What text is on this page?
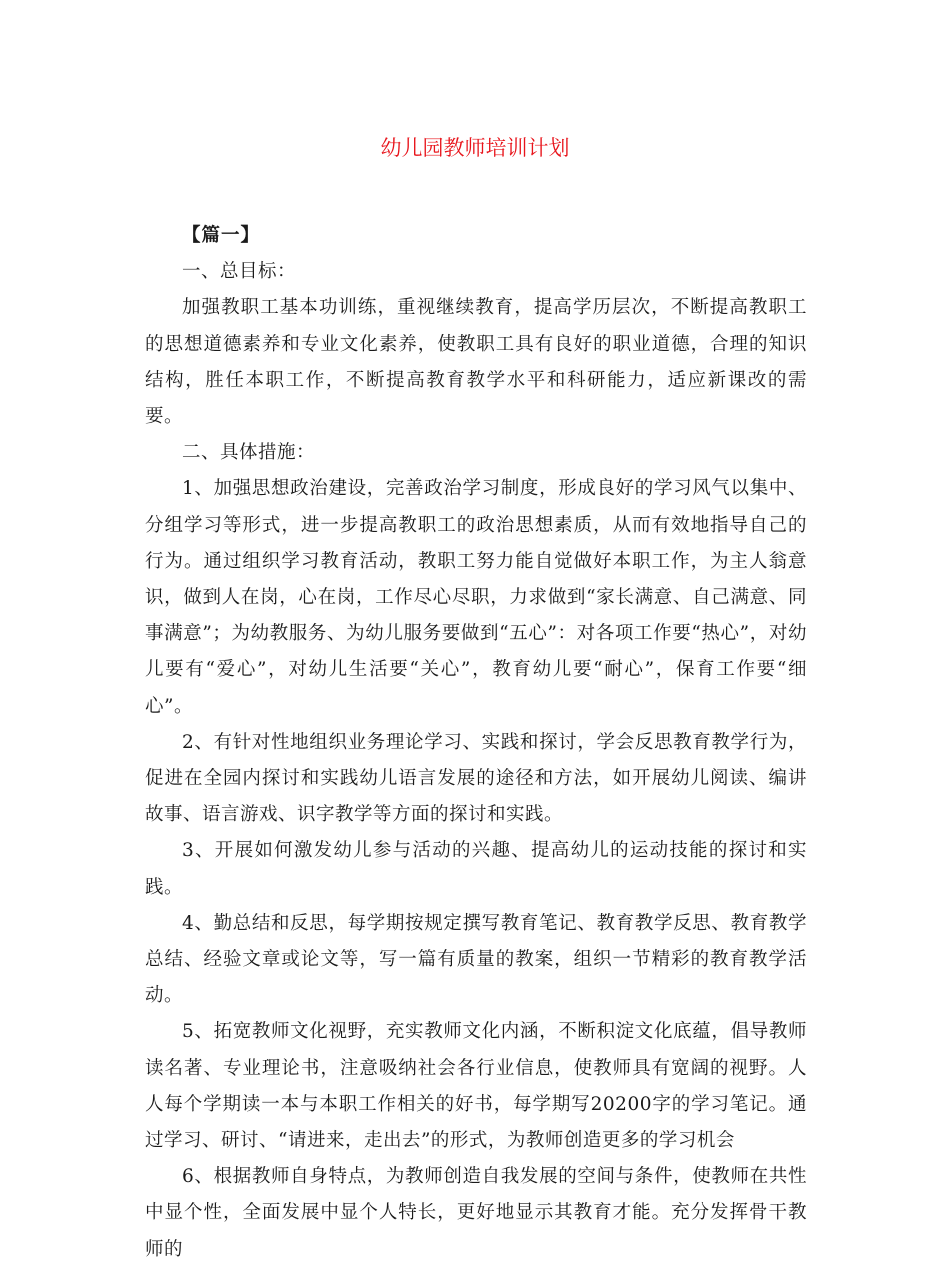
幼儿园教师培训计划

【篇一】

一、总目标：

加强教职工基本功训练，重视继续教育，提高学历层次，不断提高教职工的思想道德素养和专业文化素养，使教职工具有良好的职业道德，合理的知识结构，胜任本职工作，不断提高教育教学水平和科研能力，适应新课改的需要。

二、具体措施：

1、加强思想政治建设，完善政治学习制度，形成良好的学习风气以集中、分组学习等形式，进一步提高教职工的政治思想素质，从而有效地指导自己的行为。通过组织学习教育活动，教职工努力能自觉做好本职工作，为主人翁意识，做到人在岗，心在岗，工作尽心尽职，力求做到“家长满意、自己满意、同事满意”；为幼教服务、为幼儿服务要做到“五心”：对各项工作要“热心”，对幼儿要有“爱心”，对幼儿生活要“关心”，教育幼儿要“耐心”，保育工作要“细心”。

2、有针对性地组织业务理论学习、实践和探讨，学会反思教育教学行为，促进在全园内探讨和实践幼儿语言发展的途径和方法，如开展幼儿阅读、编讲故事、语言游戏、识字教学等方面的探讨和实践。

3、开展如何激发幼儿参与活动的兴趣、提高幼儿的运动技能的探讨和实践。

4、勤总结和反思，每学期按规定撰写教育笔记、教育教学反思、教育教学总结、经验文章或论文等，写一篇有质量的教案，组织一节精彩的教育教学活动。

5、拓宽教师文化视野，充实教师文化内涵，不断积淀文化底蕴，倡导教师读名著、专业理论书，注意吸纳社会各行业信息，使教师具有宽阔的视野。人人每个学期读一本与本职工作相关的好书，每学期写20200字的学习笔记。通过学习、研讨、“请进来，走出去”的形式，为教师创造更多的学习机会

6、根据教师自身特点，为教师创造自我发展的空间与条件，使教师在共性中显个性，全面发展中显个人特长，更好地显示其教育才能。充分发挥骨干教师的
